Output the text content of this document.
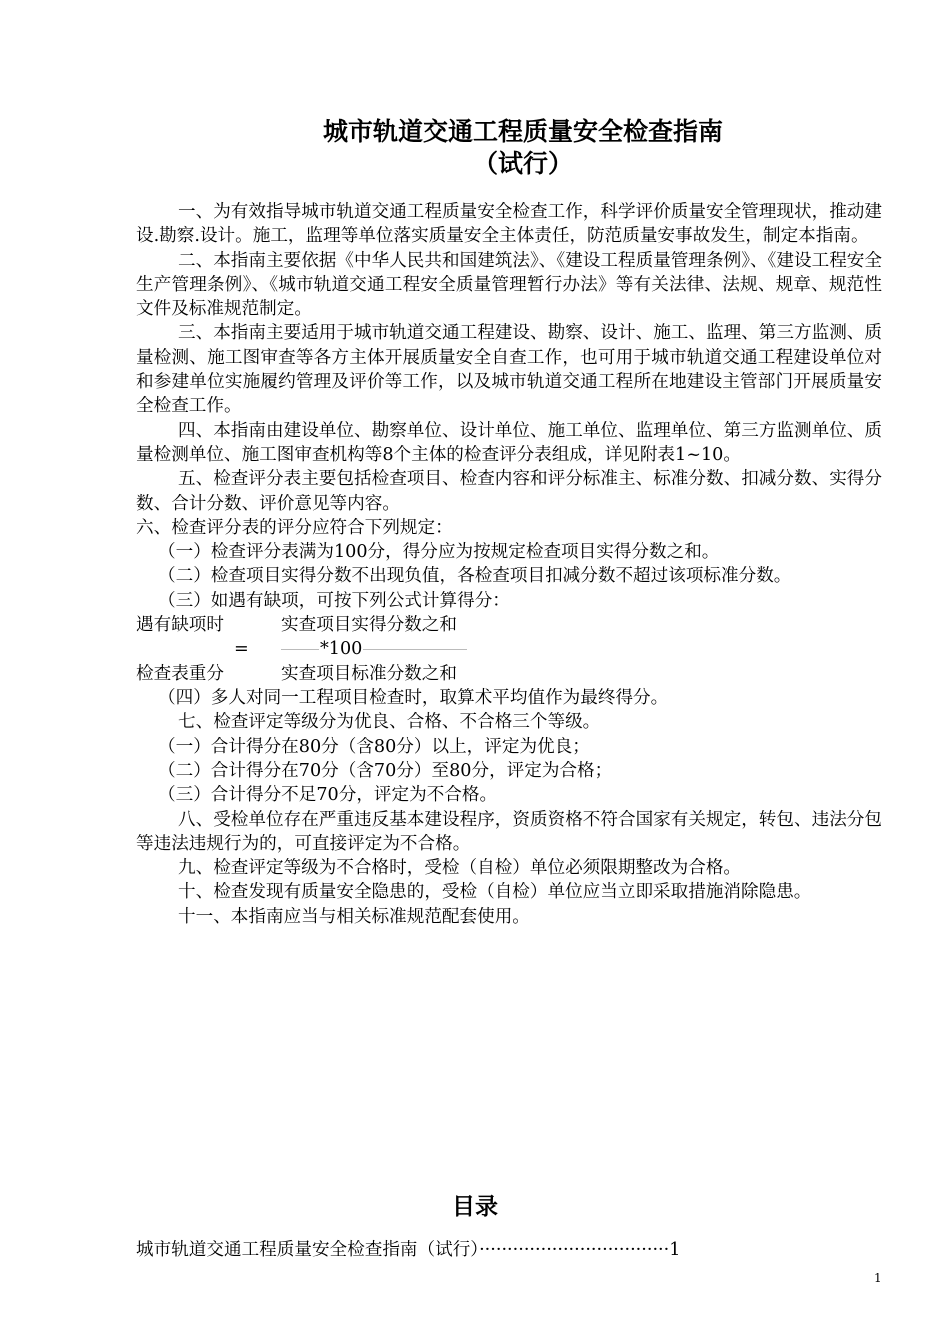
城市轨道交通工程质量安全检查指南
（试行）

一、为有效指导城市轨道交通工程质量安全检查工作，科学评价质量安全管理现状，推动建设.勘察.设计。施工，监理等单位落实质量安全主体责任，防范质量安事故发生，制定本指南。

二、本指南主要依据《中华人民共和国建筑法》、《建设工程质量管理条例》、《建设工程安全生产管理条例》、《城市轨道交通工程安全质量管理暂行办法》等有关法律、法规、规章、规范性文件及标准规范制定。

三、本指南主要适用于城市轨道交通工程建设、勘察、设计、施工、监理、第三方监测、质量检测、施工图审查等各方主体开展质量安全自查工作，也可用于城市轨道交通工程建设单位对和参建单位实施履约管理及评价等工作，以及城市轨道交通工程所在地建设主管部门开展质量安全检查工作。

四、本指南由建设单位、勘察单位、设计单位、施工单位、监理单位、第三方监测单位、质量检测单位、施工图审查机构等8个主体的检查评分表组成，详见附表1~10。

五、检查评分表主要包括检查项目、检查内容和评分标准主、标准分数、扣减分数、实得分数、合计分数、评价意见等内容。

六、检查评分表的评分应符合下列规定：

（一）检查评分表满为100分，得分应为按规定检查项目实得分数之和。

（二）检查项目实得分数不出现负值，各检查项目扣减分数不超过该项标准分数。

（三）如遇有缺项，可按下列公式计算得分：

遇有缺项时	实查项目实得分数之和
=	*100
检查表重分	实查项目标准分数之和

（四）多人对同一工程项目检查时，取算术平均值作为最终得分。

七、检查评定等级分为优良、合格、不合格三个等级。

（一）合计得分在80分（含80分）以上，评定为优良；

（二）合计得分在70分（含70分）至80分，评定为合格；

（三）合计得分不足70分，评定为不合格。

八、受检单位存在严重违反基本建设程序，资质资格不符合国家有关规定，转包、违法分包等违法违规行为的，可直接评定为不合格。

九、检查评定等级为不合格时，受检（自检）单位必须限期整改为合格。

十、检查发现有质量安全隐患的，受检（自检）单位应当立即采取措施消除隐患。

十一、本指南应当与相关标准规范配套使用。

目录
城市轨道交通工程质量安全检查指南（试行）··································1
1
